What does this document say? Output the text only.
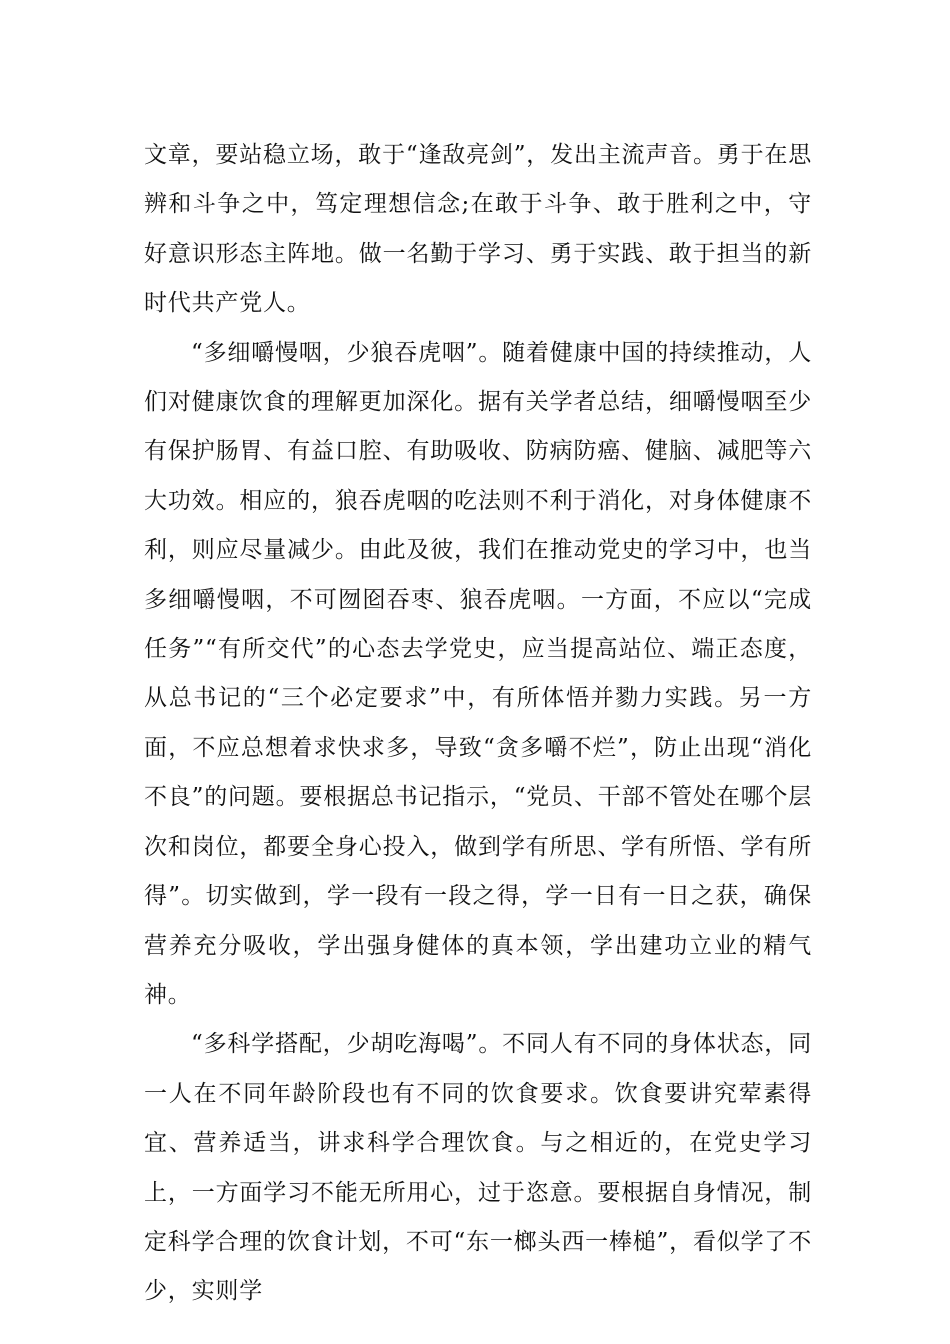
文章，要站稳立场，敢于“逢敌亮剑”，发出主流声音。勇于在思辨和斗争之中，笃定理想信念;在敢于斗争、敢于胜利之中，守好意识形态主阵地。做一名勤于学习、勇于实践、敢于担当的新时代共产党人。

“多细嚼慢咽，少狼吞虎咽”。随着健康中国的持续推动，人们对健康饮食的理解更加深化。据有关学者总结，细嚼慢咽至少有保护肠胃、有益口腔、有助吸收、防病防癌、健脑、减肥等六大功效。相应的，狼吞虎咽的吃法则不利于消化，对身体健康不利，则应尽量减少。由此及彼，我们在推动党史的学习中，也当多细嚼慢咽，不可囫囵吞枣、狼吞虎咽。一方面，不应以“完成任务”“有所交代”的心态去学党史，应当提高站位、端正态度，从总书记的“三个必定要求”中，有所体悟并勠力实践。另一方面，不应总想着求快求多，导致“贪多嚼不烂”，防止出现“消化不良”的问题。要根据总书记指示，“党员、干部不管处在哪个层次和岗位，都要全身心投入，做到学有所思、学有所悟、学有所得”。切实做到，学一段有一段之得，学一日有一日之获，确保营养充分吸收，学出强身健体的真本领，学出建功立业的精气神。

“多科学搭配，少胡吃海喝”。不同人有不同的身体状态，同一人在不同年龄阶段也有不同的饮食要求。饮食要讲究荤素得宜、营养适当，讲求科学合理饮食。与之相近的，在党史学习上，一方面学习不能无所用心，过于恣意。要根据自身情况，制定科学合理的饮食计划，不可“东一榔头西一棒槌”，看似学了不少，实则学
